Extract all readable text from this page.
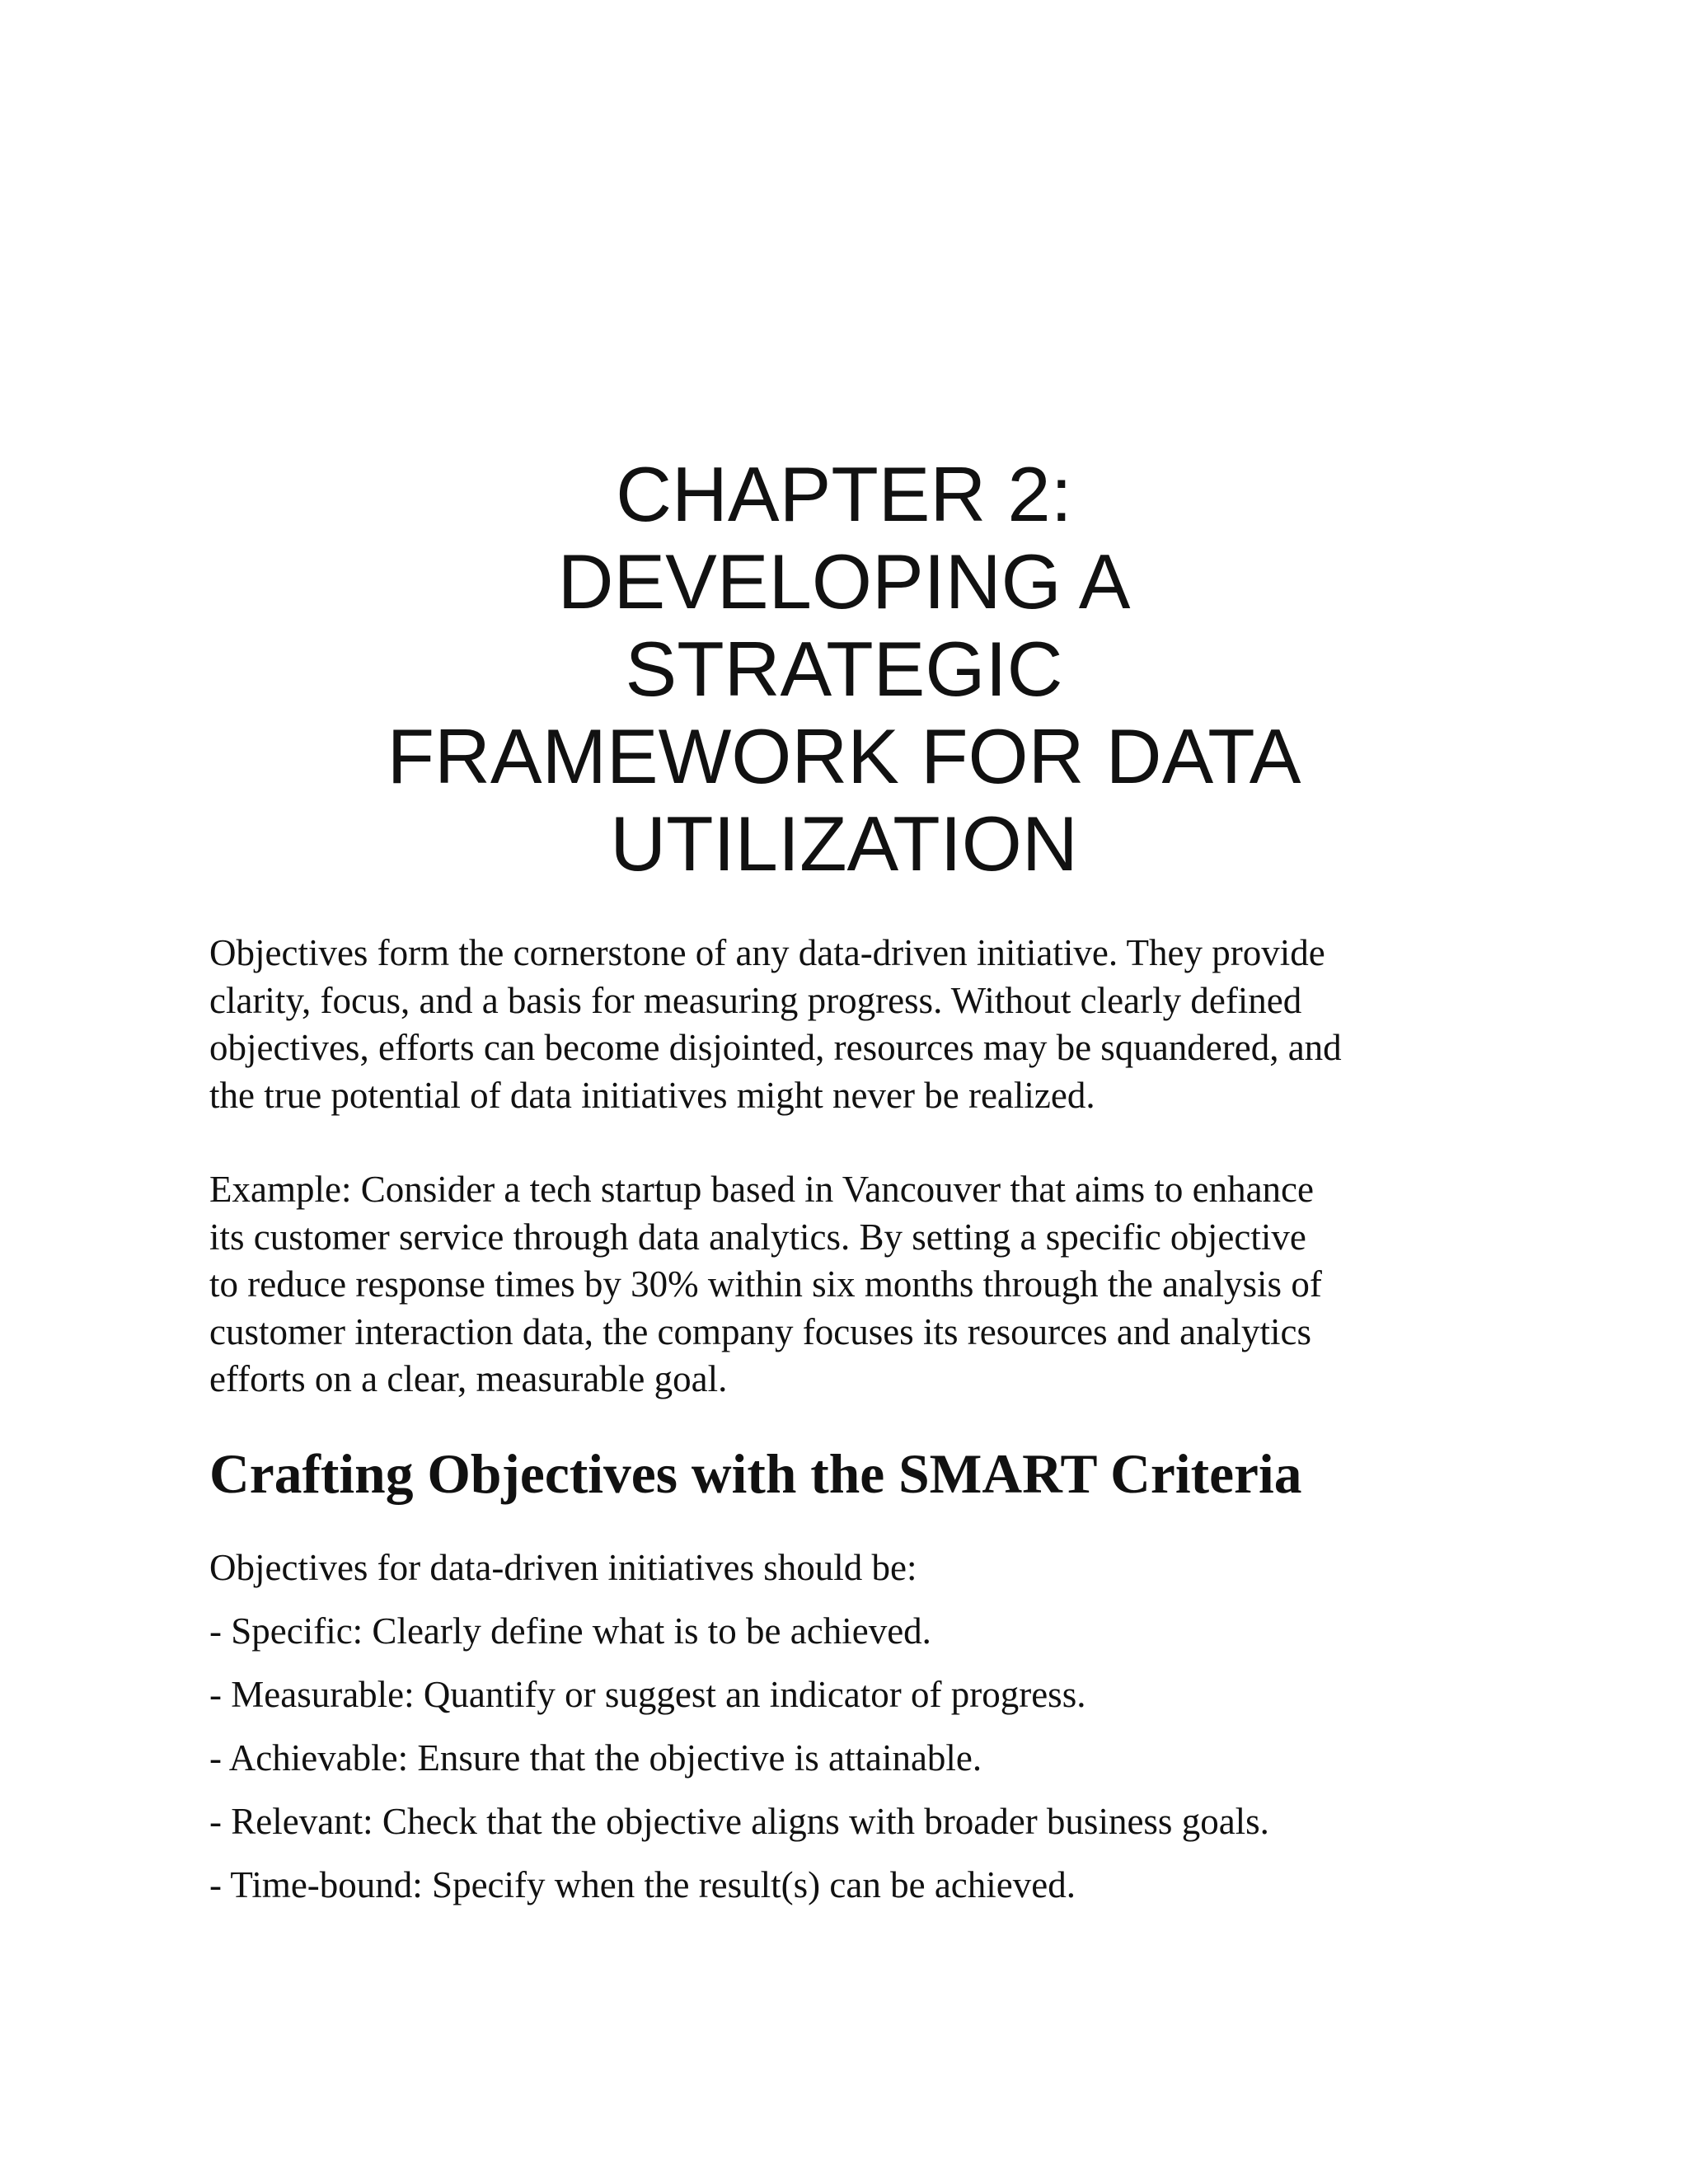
CHAPTER 2:
DEVELOPING A
STRATEGIC
FRAMEWORK FOR DATA
UTILIZATION

Objectives form the cornerstone of any data-driven initiative. They provide
clarity, focus, and a basis for measuring progress. Without clearly defined
objectives, efforts can become disjointed, resources may be squandered, and
the true potential of data initiatives might never be realized.

Example: Consider a tech startup based in Vancouver that aims to enhance
its customer service through data analytics. By setting a specific objective
to reduce response times by 30% within six months through the analysis of
customer interaction data, the company focuses its resources and analytics
efforts on a clear, measurable goal.

Crafting Objectives with the SMART Criteria

Objectives for data-driven initiatives should be:

- Specific: Clearly define what is to be achieved.
- Measurable: Quantify or suggest an indicator of progress.
- Achievable: Ensure that the objective is attainable.
- Relevant: Check that the objective aligns with broader business goals.
- Time-bound: Specify when the result(s) can be achieved.
